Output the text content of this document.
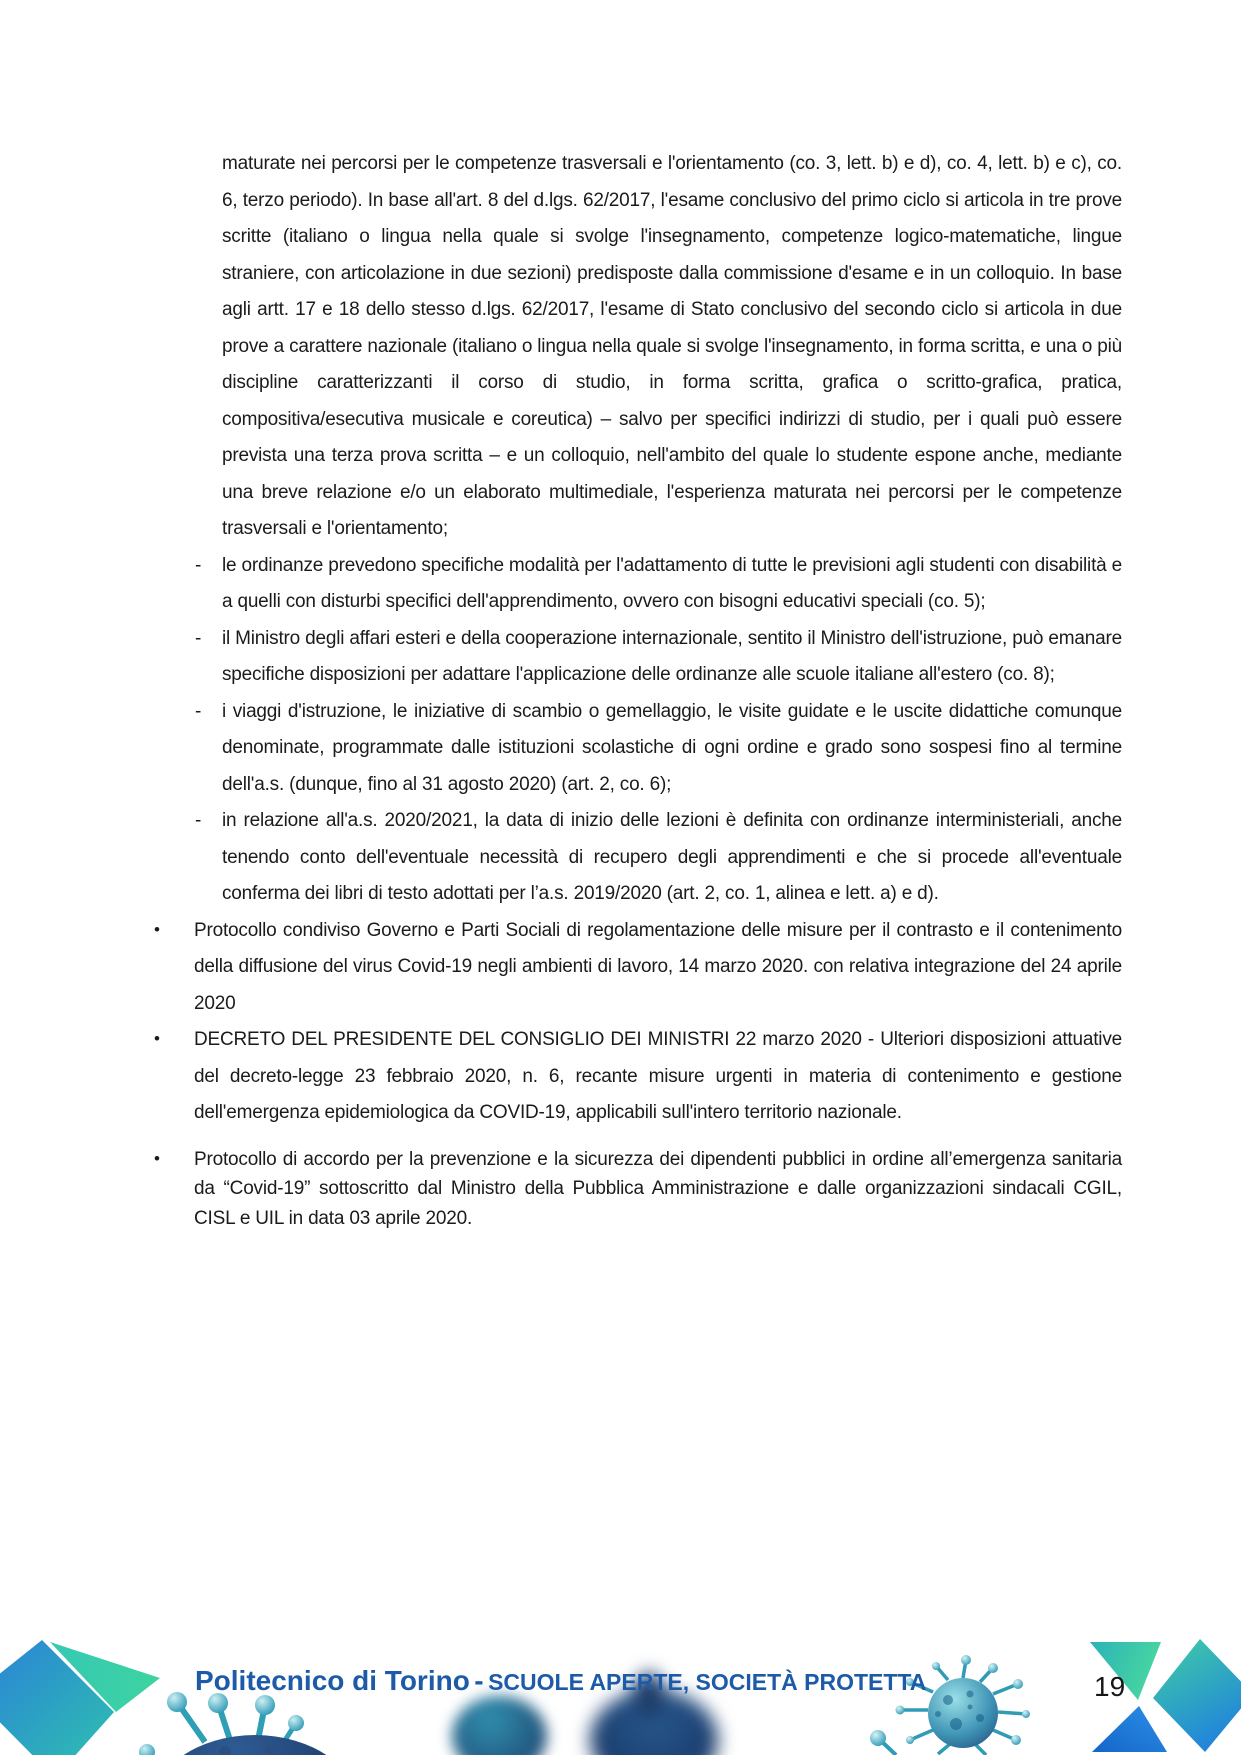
maturate nei percorsi per le competenze trasversali e l'orientamento (co. 3, lett. b) e d), co. 4, lett. b) e c), co. 6, terzo periodo). In base all'art. 8 del d.lgs. 62/2017, l'esame conclusivo del primo ciclo si articola in tre prove scritte (italiano o lingua nella quale si svolge l'insegnamento, competenze logico-matematiche, lingue straniere, con articolazione in due sezioni) predisposte dalla commissione d'esame e in un colloquio. In base agli artt. 17 e 18 dello stesso d.lgs. 62/2017, l'esame di Stato conclusivo del secondo ciclo si articola in due prove a carattere nazionale (italiano o lingua nella quale si svolge l'insegnamento, in forma scritta, e una o più discipline caratterizzanti il corso di studio, in forma scritta, grafica o scritto-grafica, pratica, compositiva/esecutiva musicale e coreutica) – salvo per specifici indirizzi di studio, per i quali può essere prevista una terza prova scritta – e un colloquio, nell'ambito del quale lo studente espone anche, mediante una breve relazione e/o un elaborato multimediale, l'esperienza maturata nei percorsi per le competenze trasversali e l'orientamento;

- le ordinanze prevedono specifiche modalità per l'adattamento di tutte le previsioni agli studenti con disabilità e a quelli con disturbi specifici dell'apprendimento, ovvero con bisogni educativi speciali (co. 5);
- il Ministro degli affari esteri e della cooperazione internazionale, sentito il Ministro dell'istruzione, può emanare specifiche disposizioni per adattare l'applicazione delle ordinanze alle scuole italiane all'estero (co. 8);
- i viaggi d'istruzione, le iniziative di scambio o gemellaggio, le visite guidate e le uscite didattiche comunque denominate, programmate dalle istituzioni scolastiche di ogni ordine e grado sono sospesi fino al termine dell'a.s. (dunque, fino al 31 agosto 2020) (art. 2, co. 6);
- in relazione all'a.s. 2020/2021, la data di inizio delle lezioni è definita con ordinanze interministeriali, anche tenendo conto dell'eventuale necessità di recupero degli apprendimenti e che si procede all'eventuale conferma dei libri di testo adottati per l’a.s. 2019/2020 (art. 2, co. 1, alinea e lett. a) e d).
• Protocollo condiviso Governo e Parti Sociali di regolamentazione delle misure per il contrasto e il contenimento della diffusione del virus Covid-19 negli ambienti di lavoro, 14 marzo 2020. con relativa integrazione del 24 aprile 2020
• DECRETO DEL PRESIDENTE DEL CONSIGLIO DEI MINISTRI 22 marzo 2020 - Ulteriori disposizioni attuative del decreto-legge 23 febbraio 2020, n. 6, recante misure urgenti in materia di contenimento e gestione dell'emergenza epidemiologica da COVID-19, applicabili sull'intero territorio nazionale.
• Protocollo di accordo per la prevenzione e la sicurezza dei dipendenti pubblici in ordine all’emergenza sanitaria da “Covid-19” sottoscritto dal Ministro della Pubblica Amministrazione e dalle organizzazioni sindacali CGIL, CISL e UIL in data 03 aprile 2020.
Politecnico di Torino - SCUOLE APERTE, SOCIETÀ PROTETTA	19
